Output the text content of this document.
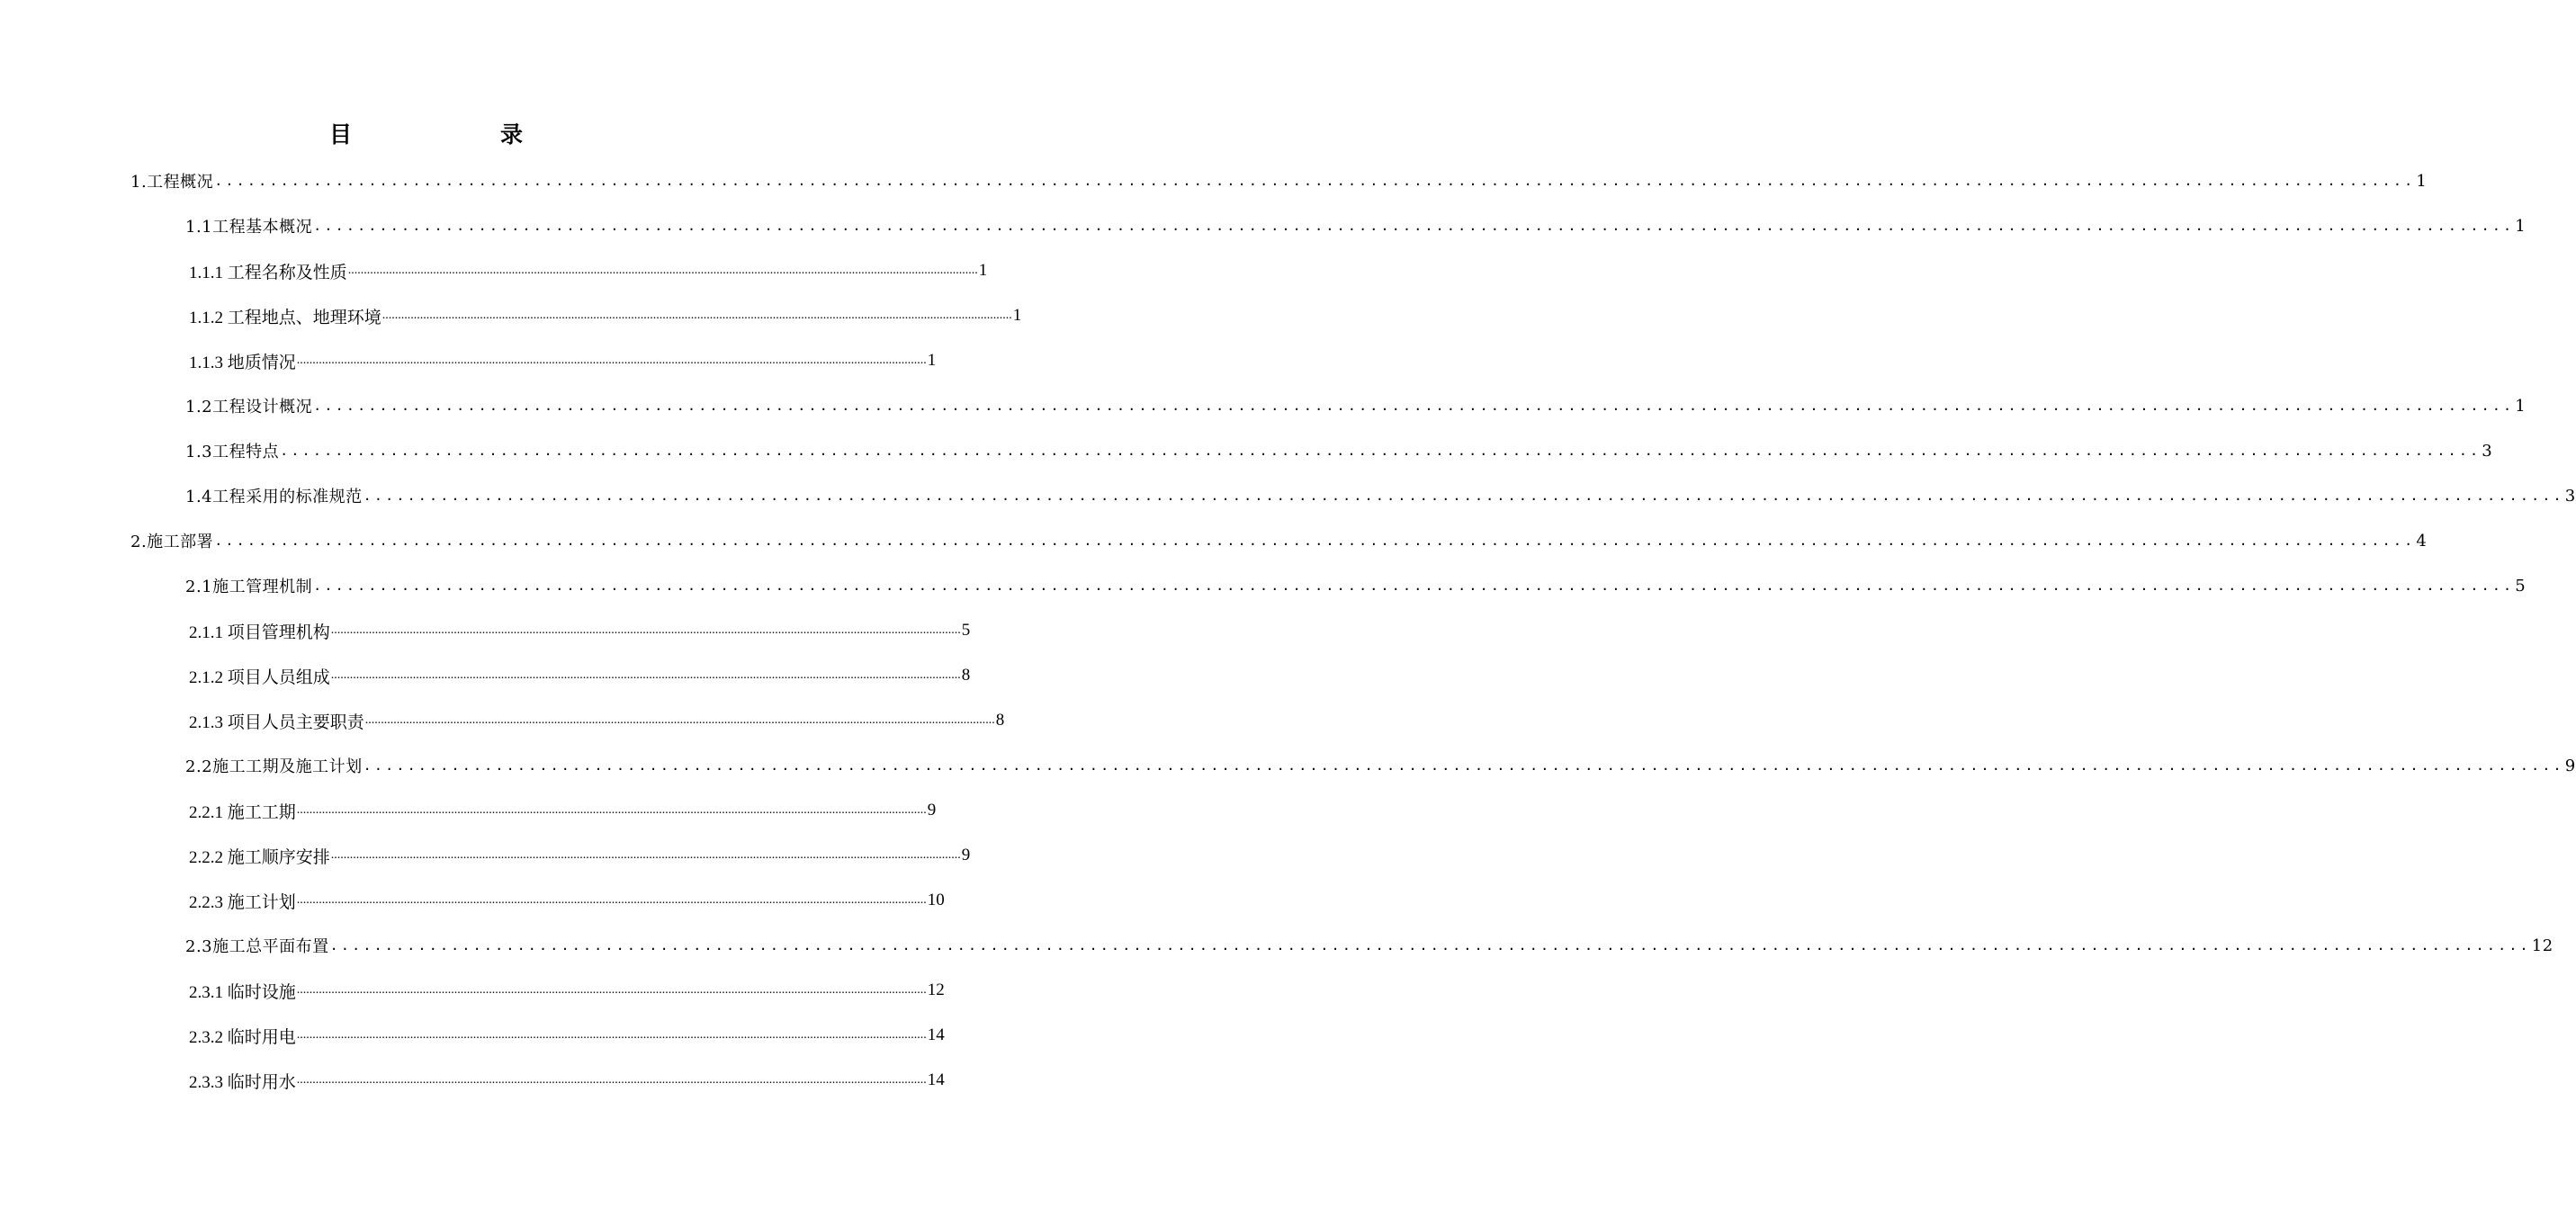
目	录
1.工程概况 ........................................................................................................................................................................................................ 1
1.1工程基本概况 ........................................................................................................................................................................................................ 1
1.1.1 工程名称及性质 ........................................................................................................................................................................................................ 1
1.1.2 工程地点、地理环境 ........................................................................................................................................................................................................ 1
1.1.3 地质情况 ........................................................................................................................................................................................................ 1
1.2工程设计概况 ........................................................................................................................................................................................................ 1
1.3工程特点 ........................................................................................................................................................................................................ 3
1.4工程采用的标准规范 ........................................................................................................................................................................................................ 3
2.施工部署 ........................................................................................................................................................................................................ 4
2.1施工管理机制 ........................................................................................................................................................................................................ 5
2.1.1 项目管理机构 ........................................................................................................................................................................................................ 5
2.1.2 项目人员组成 ........................................................................................................................................................................................................ 8
2.1.3 项目人员主要职责 ........................................................................................................................................................................................................ 8
2.2施工工期及施工计划 ........................................................................................................................................................................................................ 9
2.2.1 施工工期 ........................................................................................................................................................................................................ 9
2.2.2 施工顺序安排 ........................................................................................................................................................................................................ 9
2.2.3 施工计划 ........................................................................................................................................................................................................ 10
2.3施工总平面布置 ........................................................................................................................................................................................................ 12
2.3.1 临时设施 ........................................................................................................................................................................................................ 12
2.3.2 临时用电 ........................................................................................................................................................................................................ 14
2.3.3 临时用水 ........................................................................................................................................................................................................ 14
